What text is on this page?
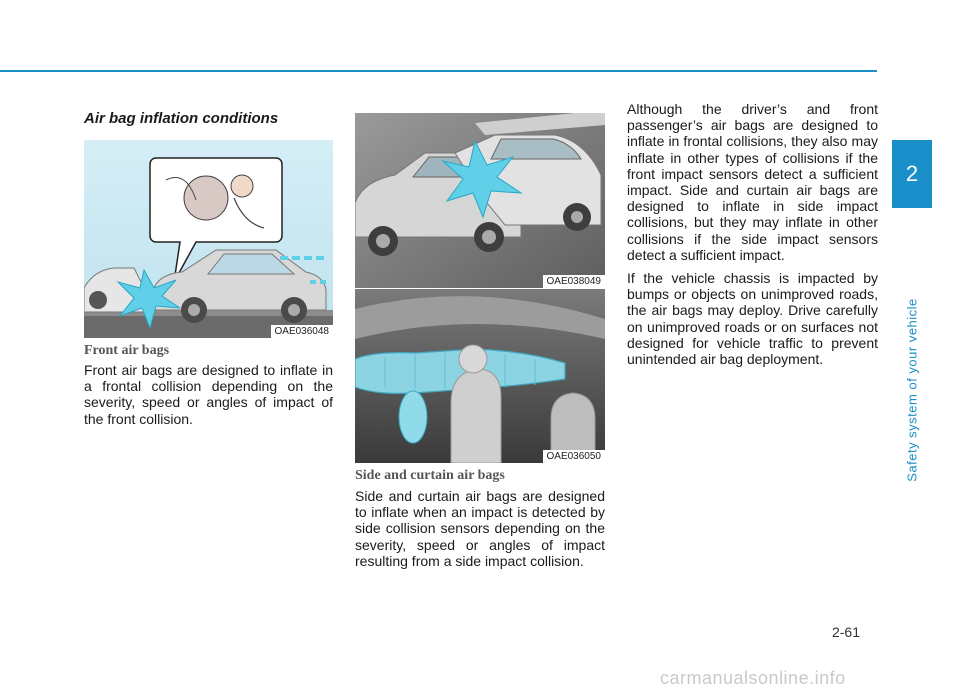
2
Safety system of your vehicle
Air bag inflation conditions
OAE036048
Front air bags

Front air bags are designed to inflate in a frontal collision depending on the severity, speed or angles of impact of the front collision.

OAE038049
OAE036050
Side and curtain air bags

Side and curtain air bags are designed to inflate when an impact is detected by side collision sensors depending on the severity, speed or angles of impact resulting from a side impact collision.

Although the driver’s and front passenger’s air bags are designed to inflate in frontal collisions, they also may inflate in other types of collisions if the front impact sensors detect a sufficient impact. Side and curtain air bags are designed to inflate in side impact collisions, but they may inflate in other collisions if the side impact sensors detect a sufficient impact.

If the vehicle chassis is impacted by bumps or objects on unimproved roads, the air bags may deploy. Drive carefully on unimproved roads or on surfaces not designed for vehicle traffic to prevent unintended air bag deployment.

2-61
carmanualsonline.info
